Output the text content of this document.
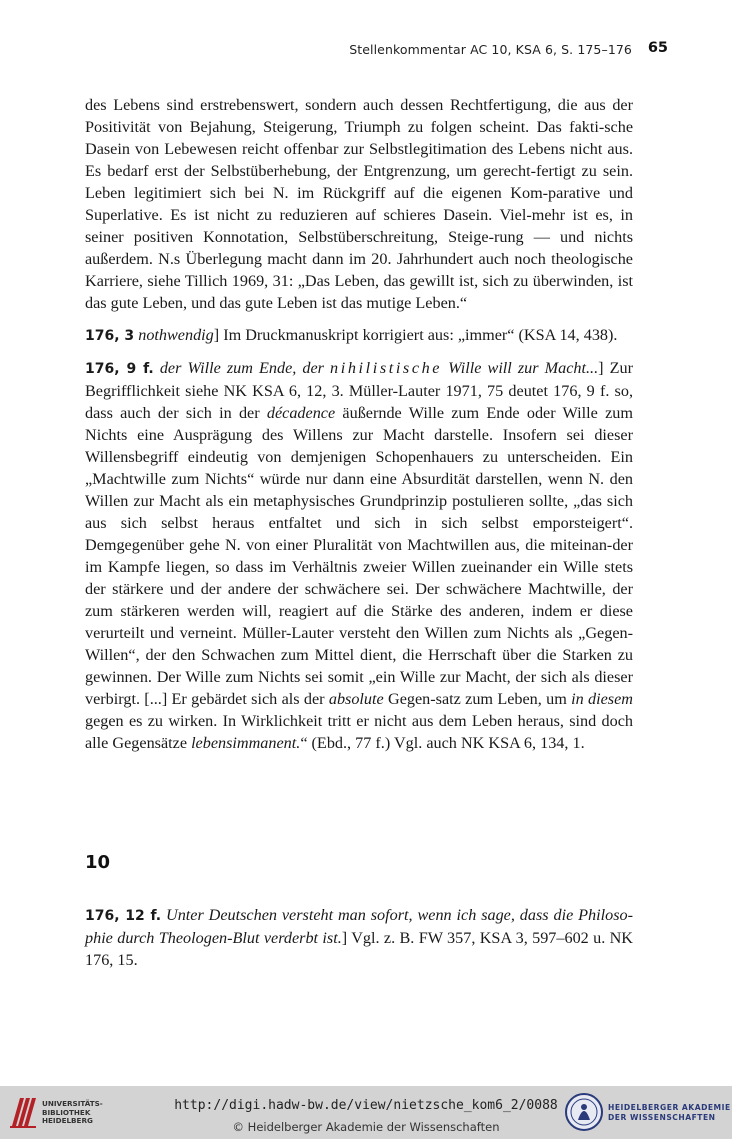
Stellenkommentar AC 10, KSA 6, S. 175–176 65

des Lebens sind erstrebenswert, sondern auch dessen Rechtfertigung, die aus der Positivität von Bejahung, Steigerung, Triumph zu folgen scheint. Das fakti-sche Dasein von Lebewesen reicht offenbar zur Selbstlegitimation des Lebens nicht aus. Es bedarf erst der Selbstüberhebung, der Entgrenzung, um gerecht-fertigt zu sein. Leben legitimiert sich bei N. im Rückgriff auf die eigenen Kom-parative und Superlative. Es ist nicht zu reduzieren auf schieres Dasein. Viel-mehr ist es, in seiner positiven Konnotation, Selbstüberschreitung, Steige-rung — und nichts außerdem. N.s Überlegung macht dann im 20. Jahrhundert auch noch theologische Karriere, siehe Tillich 1969, 31: „Das Leben, das gewillt ist, sich zu überwinden, ist das gute Leben, und das gute Leben ist das mutige Leben.“

176, 3 nothwendig] Im Druckmanuskript korrigiert aus: „immer“ (KSA 14, 438).

176, 9 f. der Wille zum Ende, der nihilistische Wille will zur Macht...] Zur Begrifflichkeit siehe NK KSA 6, 12, 3. Müller-Lauter 1971, 75 deutet 176, 9 f. so, dass auch der sich in der décadence äußernde Wille zum Ende oder Wille zum Nichts eine Ausprägung des Willens zur Macht darstelle. Insofern sei dieser Willensbegriff eindeutig von demjenigen Schopenhauers zu unterscheiden. Ein „Machtwille zum Nichts“ würde nur dann eine Absurdität darstellen, wenn N. den Willen zur Macht als ein metaphysisches Grundprinzip postulieren sollte, „das sich aus sich selbst heraus entfaltet und sich in sich selbst emporsteigert“. Demgegenüber gehe N. von einer Pluralität von Machtwillen aus, die miteinan-der im Kampfe liegen, so dass im Verhältnis zweier Willen zueinander ein Wille stets der stärkere und der andere der schwächere sei. Der schwächere Machtwille, der zum stärkeren werden will, reagiert auf die Stärke des anderen, indem er diese verurteilt und verneint. Müller-Lauter versteht den Willen zum Nichts als „Gegen-Willen“, der den Schwachen zum Mittel dient, die Herrschaft über die Starken zu gewinnen. Der Wille zum Nichts sei somit „ein Wille zur Macht, der sich als dieser verbirgt. [...] Er gebärdet sich als der absolute Gegen-satz zum Leben, um in diesem gegen es zu wirken. In Wirklichkeit tritt er nicht aus dem Leben heraus, sind doch alle Gegensätze lebensimmanent.“ (Ebd., 77 f.) Vgl. auch NK KSA 6, 134, 1.

10

176, 12 f. Unter Deutschen versteht man sofort, wenn ich sage, dass die Philoso-phie durch Theologen-Blut verderbt ist.] Vgl. z. B. FW 357, KSA 3, 597–602 u. NK 176, 15.

UNIVERSITÄTS-
BIBLIOTHEK
HEIDELBERG
http://digi.hadw-bw.de/view/nietzsche_kom6_2/0088
© Heidelberger Akademie der Wissenschaften
HEIDELBERGER AKADEMIE
DER WISSENSCHAFTEN
